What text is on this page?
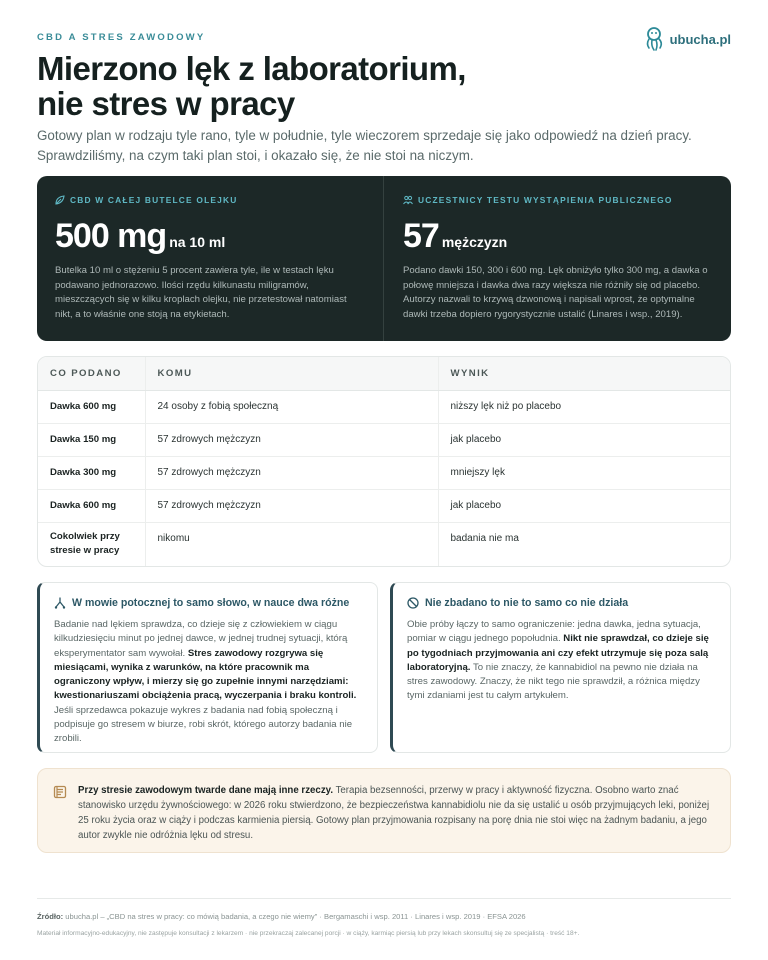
CBD A STRES ZAWODOWY	ubucha.pl
Mierzono lęk z laboratorium,
nie stres w pracy

Gotowy plan w rodzaju tyle rano, tyle w południe, tyle wieczorem sprzedaje się jako odpowiedź na dzień pracy. Sprawdziliśmy, na czym taki plan stoi, i okazało się, że nie stoi na niczym.

CBD W CAŁEJ BUTELCE OLEJKU
500 mg na 10 ml

Butelka 10 ml o stężeniu 5 procent zawiera tyle, ile w testach lęku podawano jednorazowo. Ilości rzędu kilkunastu miligramów, mieszczących się w kilku kroplach olejku, nie przetestował natomiast nikt, a to właśnie one stoją na etykietach.

UCZESTNICY TESTU WYSTĄPIENIA PUBLICZNEGO
57 mężczyzn

Podano dawki 150, 300 i 600 mg. Lęk obniżyło tylko 300 mg, a dawka o połowę mniejsza i dawka dwa razy większa nie różniły się od placebo. Autorzy nazwali to krzywą dzwonową i napisali wprost, że optymalne dawki trzeba dopiero rygorystycznie ustalić (Linares i wsp., 2019).

CO PODANO	KOMU	WYNIK
Dawka 600 mg	24 osoby z fobią społeczną	niższy lęk niż po placebo
Dawka 150 mg	57 zdrowych mężczyzn	jak placebo
Dawka 300 mg	57 zdrowych mężczyzn	mniejszy lęk
Dawka 600 mg	57 zdrowych mężczyzn	jak placebo
Cokolwiek przy stresie w pracy	nikomu	badania nie ma
W mowie potocznej to samo słowo, w nauce dwa różne

Badanie nad lękiem sprawdza, co dzieje się z człowiekiem w ciągu kilkudziesięciu minut po jednej dawce, w jednej trudnej sytuacji, którą eksperymentator sam wywołał. Stres zawodowy rozgrywa się miesiącami, wynika z warunków, na które pracownik ma ograniczony wpływ, i mierzy się go zupełnie innymi narzędziami: kwestionariuszami obciążenia pracą, wyczerpania i braku kontroli. Jeśli sprzedawca pokazuje wykres z badania nad fobią społeczną i podpisuje go stresem w biurze, robi skrót, którego autorzy badania nie zrobili.

Nie zbadano to nie to samo co nie działa

Obie próby łączy to samo ograniczenie: jedna dawka, jedna sytuacja, pomiar w ciągu jednego popołudnia. Nikt nie sprawdzał, co dzieje się po tygodniach przyjmowania ani czy efekt utrzymuje się poza salą laboratoryjną. To nie znaczy, że kannabidiol na pewno nie działa na stres zawodowy. Znaczy, że nikt tego nie sprawdził, a różnica między tymi zdaniami jest tu całym artykułem.

Przy stresie zawodowym twarde dane mają inne rzeczy. Terapia bezsenności, przerwy w pracy i aktywność fizyczna. Osobno warto znać stanowisko urzędu żywnościowego: w 2026 roku stwierdzono, że bezpieczeństwa kannabidiolu nie da się ustalić u osób przyjmujących leki, poniżej 25 roku życia oraz w ciąży i podczas karmienia piersią. Gotowy plan przyjmowania rozpisany na porę dnia nie stoi więc na żadnym badaniu, a jego autor zwykle nie odróżnia lęku od stresu.

Źródło: ubucha.pl – „CBD na stres w pracy: co mówią badania, a czego nie wiemy” · Bergamaschi i wsp. 2011 · Linares i wsp. 2019 · EFSA 2026
Materiał informacyjno-edukacyjny, nie zastępuje konsultacji z lekarzem · nie przekraczaj zalecanej porcji · w ciąży, karmiąc piersią lub przy lekach skonsultuj się ze specjalistą · treść 18+.
